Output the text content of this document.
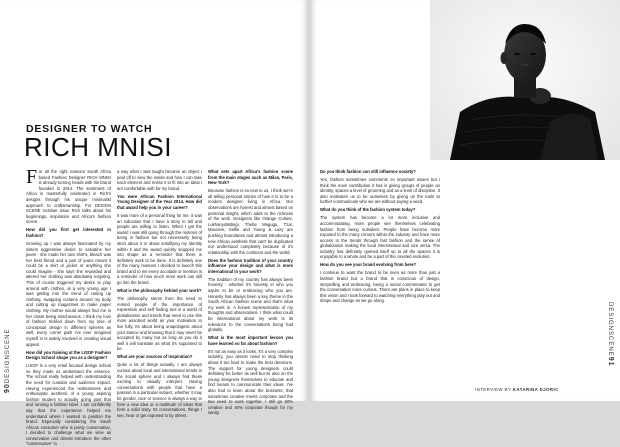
DESIGNER TO WATCH
RICH MNISI

For all the right reasons South Africa based Fashion Designer RICH MNISI is already turning heads with his brand founded in 2014. The sentiment of Africa is masterfully celebrated in Rich's designs through his unique minimalist approach to craftsmanship. For DESIGN SCENE October issue Rich talks about his beginnings, inspiration and Africa's fashion scene.

How did you first get interested in fashion?

Growing up I was always fascinated by my sisters aggressive desire to salvatine her jeans - she made her own shirt's, bleach was her best friend and a pair of jeans meant it could be a skirt or jacket or anything she could imagine - she says she rewarded and altered her clothing was absolutely inspiring. This of course triggered my desire to play around with clothes, at a very young age I was getting into the trend of cutting up clothing, swapping curtains around my body and cutting up magazines to make paper clothing. My mother would always find me in her closet being mischievous. I think my love of fashion trickled down from my love of conceptual design in different spheres as well, every corner path I've ever imagined myself in is widely involved in creating visual appeal.

How did you training at the LISOF Fashion Design School shape you as a designer?

LISOF is a very retail focused design school so they made us understand the essence. The school really helped with understanding the need for curation and audience impact. Having experienced the restlessness and enthusiastic aesthetic of a young aspiring fashion student to actually going past that and running a fashion label. I am confidently say that the experience helped me understand where I wanted to position the brand. Especially considering the South African consumer who is pretty conservative, I decided to challenge what we view as conservative and almost introduce the other "conservative" in

a way what I was taught became an object I peal off to view the inside and how I can take each element and revise it to fit into an ideal I am comfortable with for my brand.

You were African Fashion International Young Designer of the Year 2014. How did that award help you in your career?

It was more of a personal thing for me, it was an indication that I have a story to tell and people are willing to listen. When I got the award I was still going through the motions of being in fashion but not necessarily being strict about it or about solidifying my identity within it and the award quickly snapped me into shape as a reminder that there is definitely work to be done. It is definitely one of the many reasons I decided to launch this brand and to me every accolade or mention is a reminder of how much more work can still go into the brand.

What is the philosophy behind your work?

The philosophy stems from the need to remind people of the importance of expression and self finding tool in a world of globalisation and trends that need to use this more assorted world as your motivation to live fully. Its about being unapologetic about your stance and knowing that it may never be accepted by many but as long as you do it well it will translate as what it's supposed to be.

What are your sources of inspiration?

Quite a lot of things actually. I am always curious about local and international trends in the social sphere and I always find these exciting to visually interpret. Having conversations with people that have a passion in a particular subject, whether it may be gender, race or science is always a way to form a new idea or a multitude of ideas that form a solid story. Its conversations, things I see, hear or get exposed to by others.

What sets apart Africa's fashion scene from the main stages such as Milan, Paris, New York?

Because fashion is so new to us, I think we're all telling personal stories of how it is to be a modern designer living in Africa. Our observations are honest and almost based on personal insight, which adds to the richness of the work. Designers like Orange Culture, LukhanyoMdingi, Thebe Magugu, Tzar, Maxivive, Selfie and Young & Lazy are pushing boundaries and almost introducing a new African aesthetic that can't be duplicated nor understood completely because of it's relationship with the continent and the world.

Does the fashion tradition of your country influence your design and what is more international in your work?

The tradition of my country has always been honesty - whether it's honesty in who you aspire to be or embracing who you are. Honesty has always been a key theme in the South African fashion scene and that's what my work is. A honest representation of my thoughts and observations. I think what could be international about my work is its relevance to the conversations being had globally.

What is the most important lesson you have learned so far about fashion?

It's not as easy as it looks, it's a very complex industry, you almost need to stop thinking about it too hard to make the best decisions. The support for young designers could definitely be better as well but its also on the young designers themselves to educate and find means to communicate their ideas. I've also had to learn about the business, that sometimes creative meets corporate and the two need to work together, I still go 60% creative and 40% corporate though for my sanity.

90DESIGNSCENE

Do you think fashion can still influence society?

Yes, fashion sometimes comments on important issues but i think the main contribution it has is giving groups of people an identity, spaces a level of grooming and as a level of discipline. It also motivates us to be ourselves by giving us the tools to further communicate who we are without saying a word.

What do you think of the fashion system today?

The system has become a lot more inclusive and accommodating, more people see themselves celebrating fashion from being outsiders. People have become more exposed to the many corners within the industry and have more access to the trends through fast fashion and the sense of globalization making the local international and vice versa. The industry has definitely opened itself up to all the spaces it is enjoyable to a whole and be a part of the coveted evolution.

How do you see your brand evolving from here?

I continue to want the brand to be seen as more than just a fashion brand but a brand that is conscious of design, storytelling and embracing, being a social commentator to get the conversation more curious. There are plans in place to keep this vision and I look forward to watching everything play out and shape and change as we go along.

INTERVIEW BY KATARINA DJORIC
DESIGNSCENE91
